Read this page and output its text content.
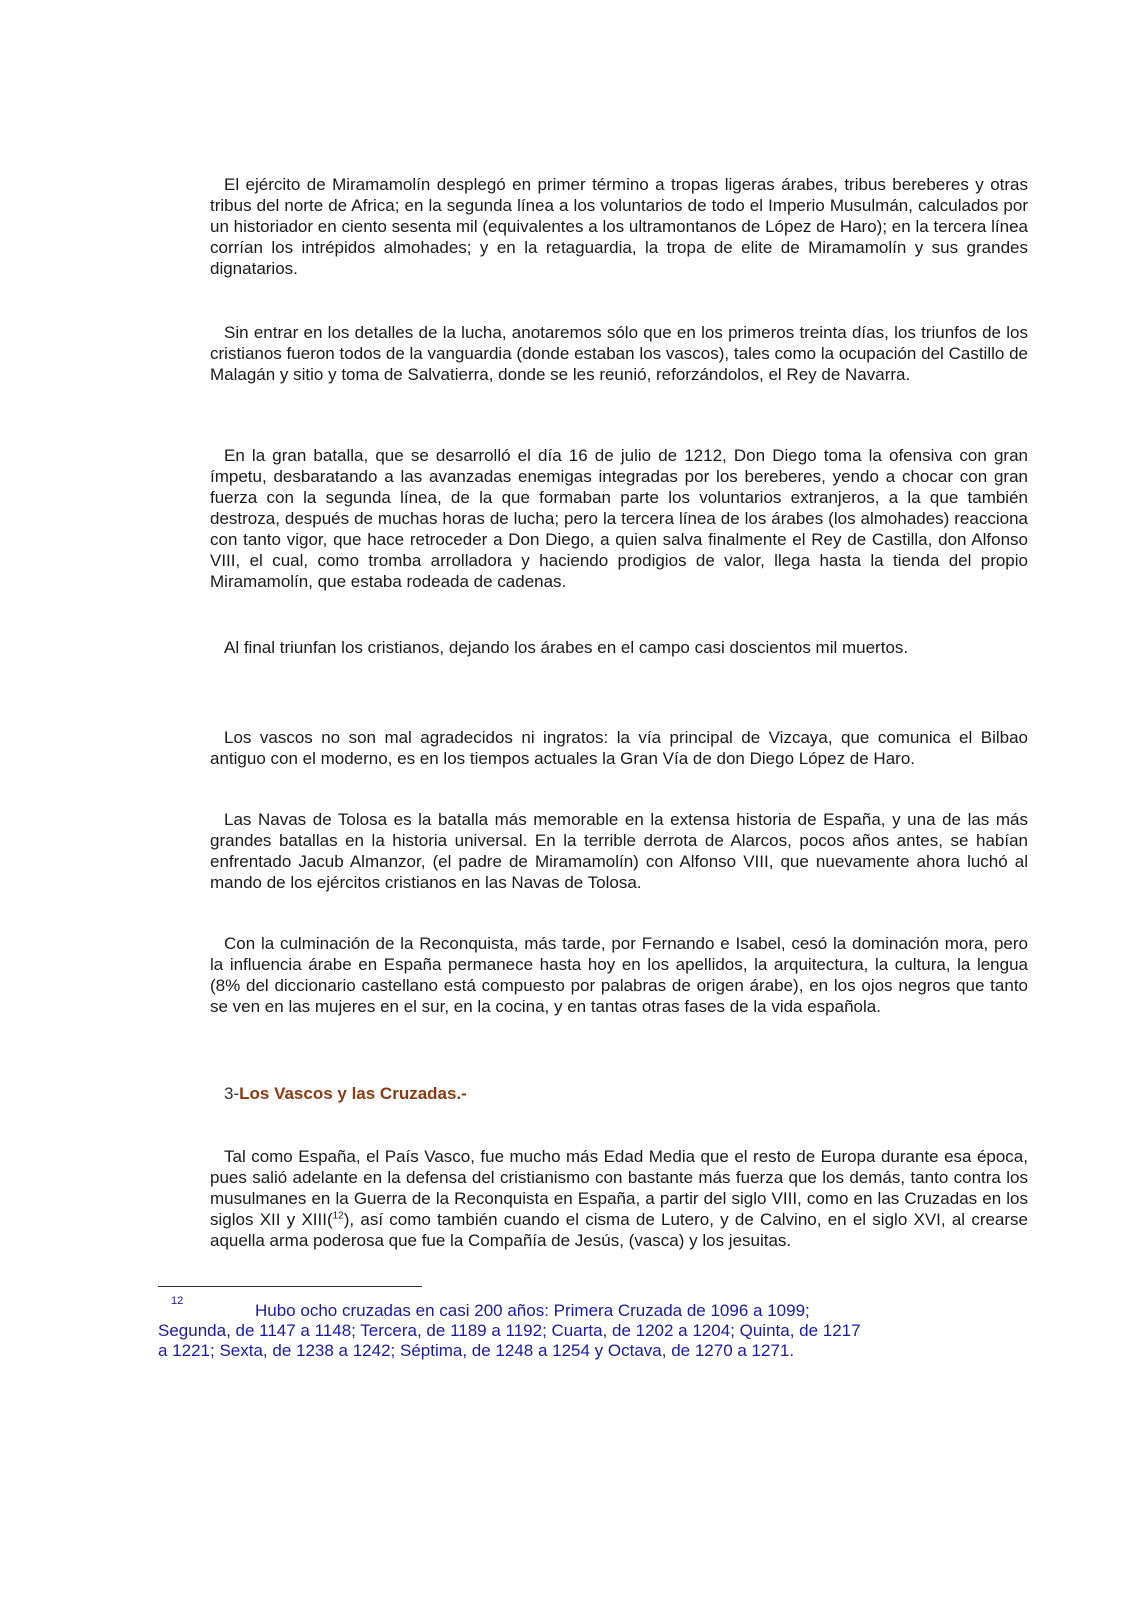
El ejército de Miramamolín desplegó en primer término a tropas ligeras árabes, tribus bereberes y otras tribus del norte de Africa; en la segunda línea a los voluntarios de todo el Imperio Musulmán, calculados por un historiador en ciento sesenta mil (equivalentes a los ultramontanos de López de Haro); en la tercera línea corrían los intrépidos almohades; y en la retaguardia, la tropa de elite de Miramamolín y sus grandes dignatarios.

Sin entrar en los detalles de la lucha, anotaremos sólo que en los primeros treinta días, los triunfos de los cristianos fueron todos de la vanguardia (donde estaban los vascos), tales como la ocupación del Castillo de Malagán y sitio y toma de Salvatierra, donde se les reunió, reforzándolos, el Rey de Navarra.

En la gran batalla, que se desarrolló el día 16 de julio de 1212, Don Diego toma la ofensiva con gran ímpetu, desbaratando a las avanzadas enemigas integradas por los bereberes, yendo a chocar con gran fuerza con la segunda línea, de la que formaban parte los voluntarios extranjeros, a la que también destroza, después de muchas horas de lucha; pero la tercera línea de los árabes (los almohades) reacciona con tanto vigor, que hace retroceder a Don Diego, a quien salva finalmente el Rey de Castilla, don Alfonso VIII, el cual, como tromba arrolladora y haciendo prodigios de valor, llega hasta la tienda del propio Miramamolín, que estaba rodeada de cadenas.

Al final triunfan los cristianos, dejando los árabes en el campo casi doscientos mil muertos.

Los vascos no son mal agradecidos ni ingratos: la vía principal de Vizcaya, que comunica el Bilbao antiguo con el moderno, es en los tiempos actuales la Gran Vía de don Diego López de Haro.

Las Navas de Tolosa es la batalla más memorable en la extensa historia de España, y una de las más grandes batallas en la historia universal. En la terrible derrota de Alarcos, pocos años antes, se habían enfrentado Jacub Almanzor, (el padre de Miramamolín) con Alfonso VIII, que nuevamente ahora luchó al mando de los ejércitos cristianos en las Navas de Tolosa.

Con la culminación de la Reconquista, más tarde, por Fernando e Isabel, cesó la dominación mora, pero la influencia árabe en España permanece hasta hoy en los apellidos, la arquitectura, la cultura, la lengua (8% del diccionario castellano está compuesto por palabras de origen árabe), en los ojos negros que tanto se ven en las mujeres en el sur, en la cocina, y en tantas otras fases de la vida española.

3-Los Vascos y las Cruzadas.-

Tal como España, el País Vasco, fue mucho más Edad Media que el resto de Europa durante esa época, pues salió adelante en la defensa del cristianismo con bastante más fuerza que los demás, tanto contra los musulmanes en la Guerra de la Reconquista en España, a partir del siglo VIII, como en las Cruzadas en los siglos XII y XIII($^{12}$), así como también cuando el cisma de Lutero, y de Calvino, en el siglo XVI, al crearse aquella arma poderosa que fue la Compañía de Jesús, (vasca) y los jesuitas.

12	Hubo ocho cruzadas en casi 200 años: Primera Cruzada de 1096 a 1099; Segunda, de 1147 a 1148; Tercera, de 1189 a 1192; Cuarta, de 1202 a 1204; Quinta, de 1217 a 1221; Sexta, de 1238 a 1242; Séptima, de 1248 a 1254 y Octava, de 1270 a 1271.
